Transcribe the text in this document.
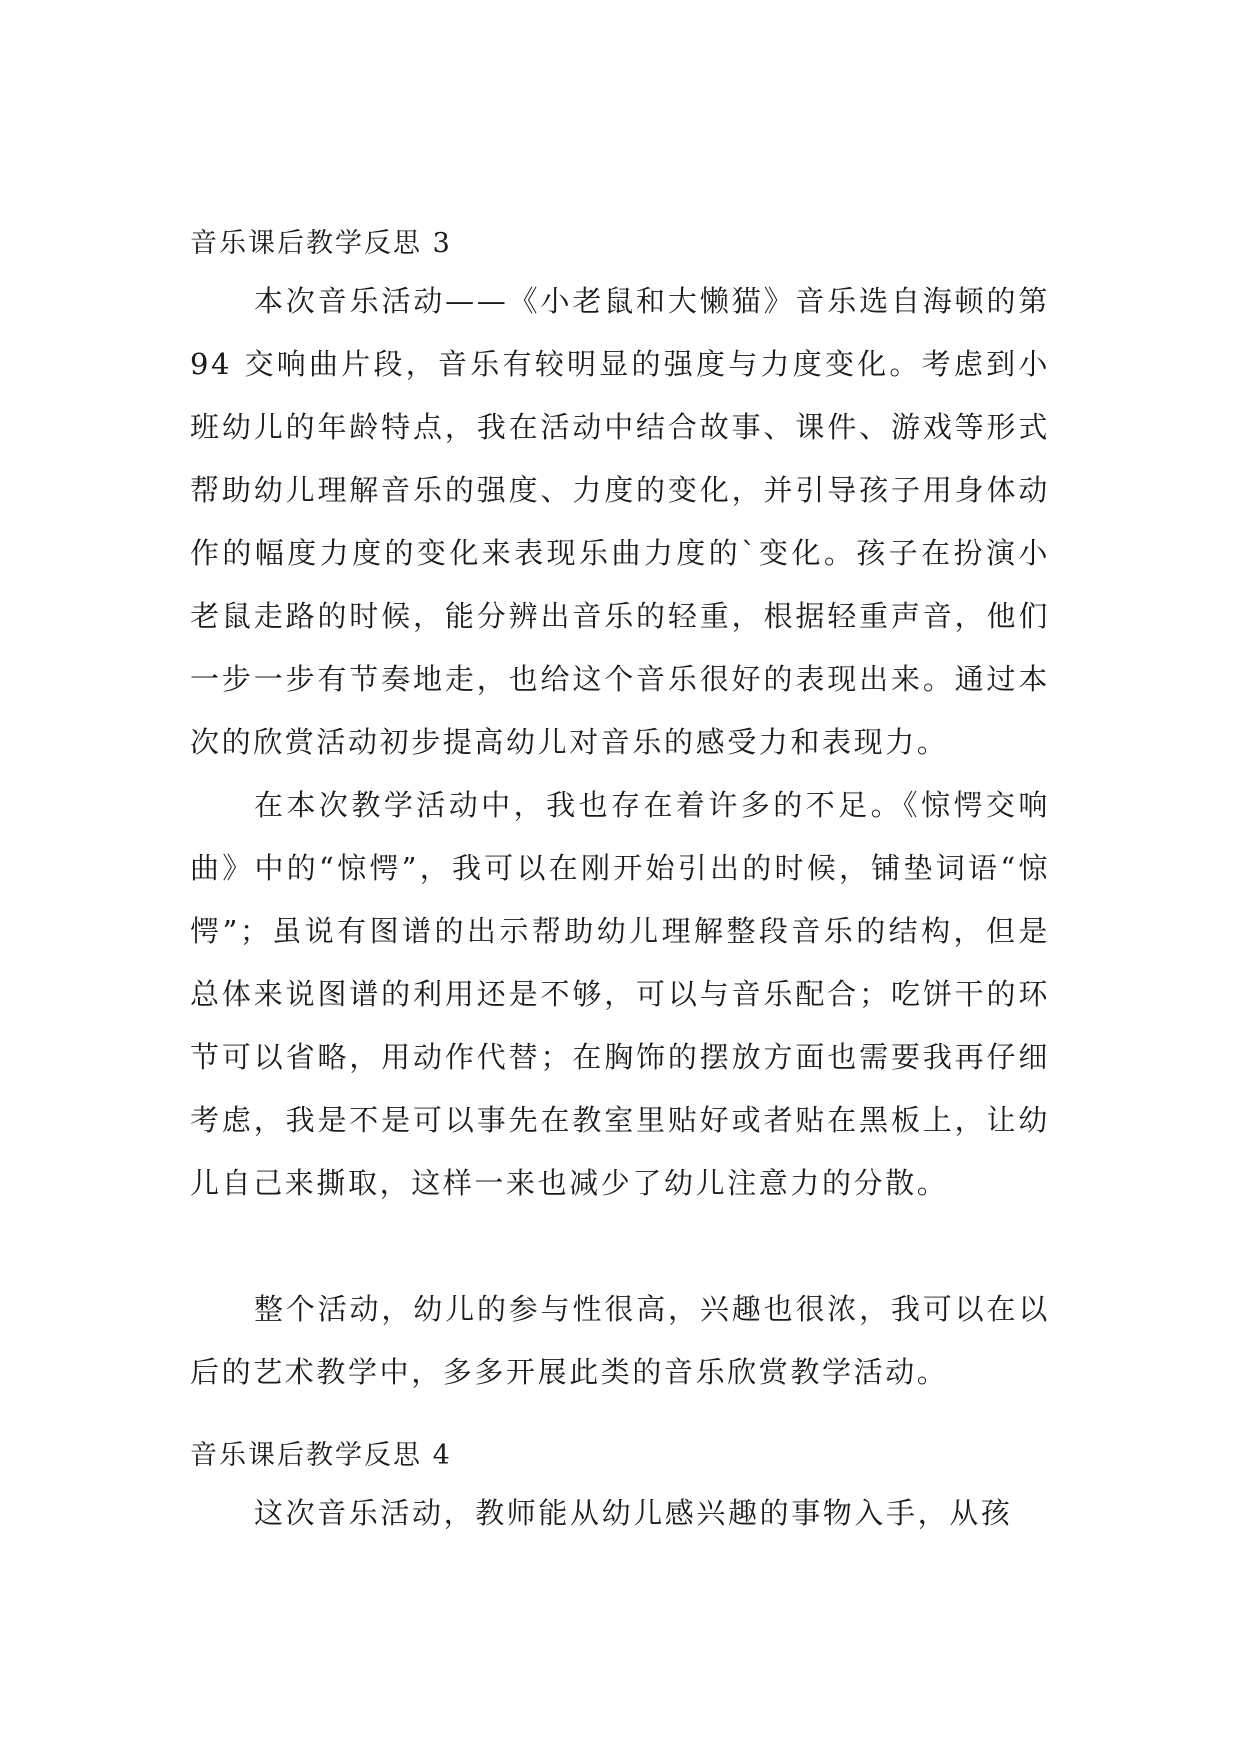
音乐课后教学反思 3

本次音乐活动——《小老鼠和大懒猫》音乐选自海顿的第 94 交响曲片段，音乐有较明显的强度与力度变化。考虑到小班幼儿的年龄特点，我在活动中结合故事、课件、游戏等形式帮助幼儿理解音乐的强度、力度的变化，并引导孩子用身体动作的幅度力度的变化来表现乐曲力度的`变化。孩子在扮演小老鼠走路的时候，能分辨出音乐的轻重，根据轻重声音，他们一步一步有节奏地走，也给这个音乐很好的表现出来。通过本次的欣赏活动初步提高幼儿对音乐的感受力和表现力。

在本次教学活动中，我也存在着许多的不足。《惊愕交响曲》中的“惊愕”，我可以在刚开始引出的时候，铺垫词语“惊愕”；虽说有图谱的出示帮助幼儿理解整段音乐的结构，但是总体来说图谱的利用还是不够，可以与音乐配合；吃饼干的环节可以省略，用动作代替；在胸饰的摆放方面也需要我再仔细考虑，我是不是可以事先在教室里贴好或者贴在黑板上，让幼儿自己来撕取，这样一来也减少了幼儿注意力的分散。

整个活动，幼儿的参与性很高，兴趣也很浓，我可以在以后的艺术教学中，多多开展此类的音乐欣赏教学活动。

音乐课后教学反思 4

这次音乐活动，教师能从幼儿感兴趣的事物入手，从孩
